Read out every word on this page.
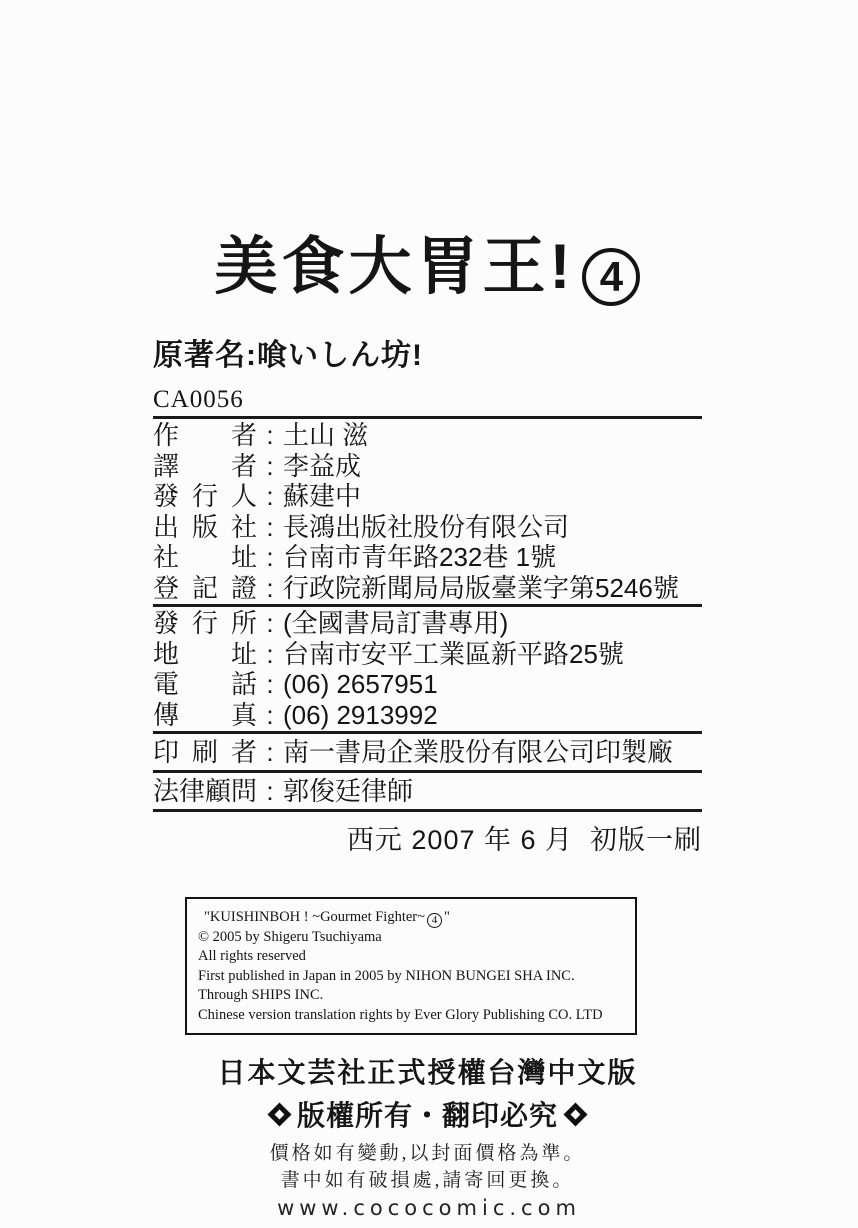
美食大胃王! 4
原著名:喰いしん坊!
CA0056
作者 : 土山 滋
譯者 : 李益成
發行人 : 蘇建中
出版社 : 長鴻出版社股份有限公司
社址 : 台南市青年路232巷 1號
登記證 : 行政院新聞局局版臺業字第5246號
發行所 : (全國書局訂書專用)
地址 : 台南市安平工業區新平路25號
電話 : (06) 2657951
傳真 : (06) 2913992
印刷者 : 南一書局企業股份有限公司印製廠
法律顧問 : 郭俊廷律師
西元 2007 年 6 月  初版一刷
"KUISHINBOH ! ~Gourmet Fighter~ 4 "
© 2005 by Shigeru Tsuchiyama
All rights reserved
First published in Japan in 2005 by NIHON BUNGEI SHA INC.
Through SHIPS INC.
Chinese version translation rights by Ever Glory Publishing CO. LTD
日本文芸社正式授權台灣中文版
版權所有・翻印必究
價格如有變動,以封面價格為準。
書中如有破損處,請寄回更換。
www.cococomic.com
